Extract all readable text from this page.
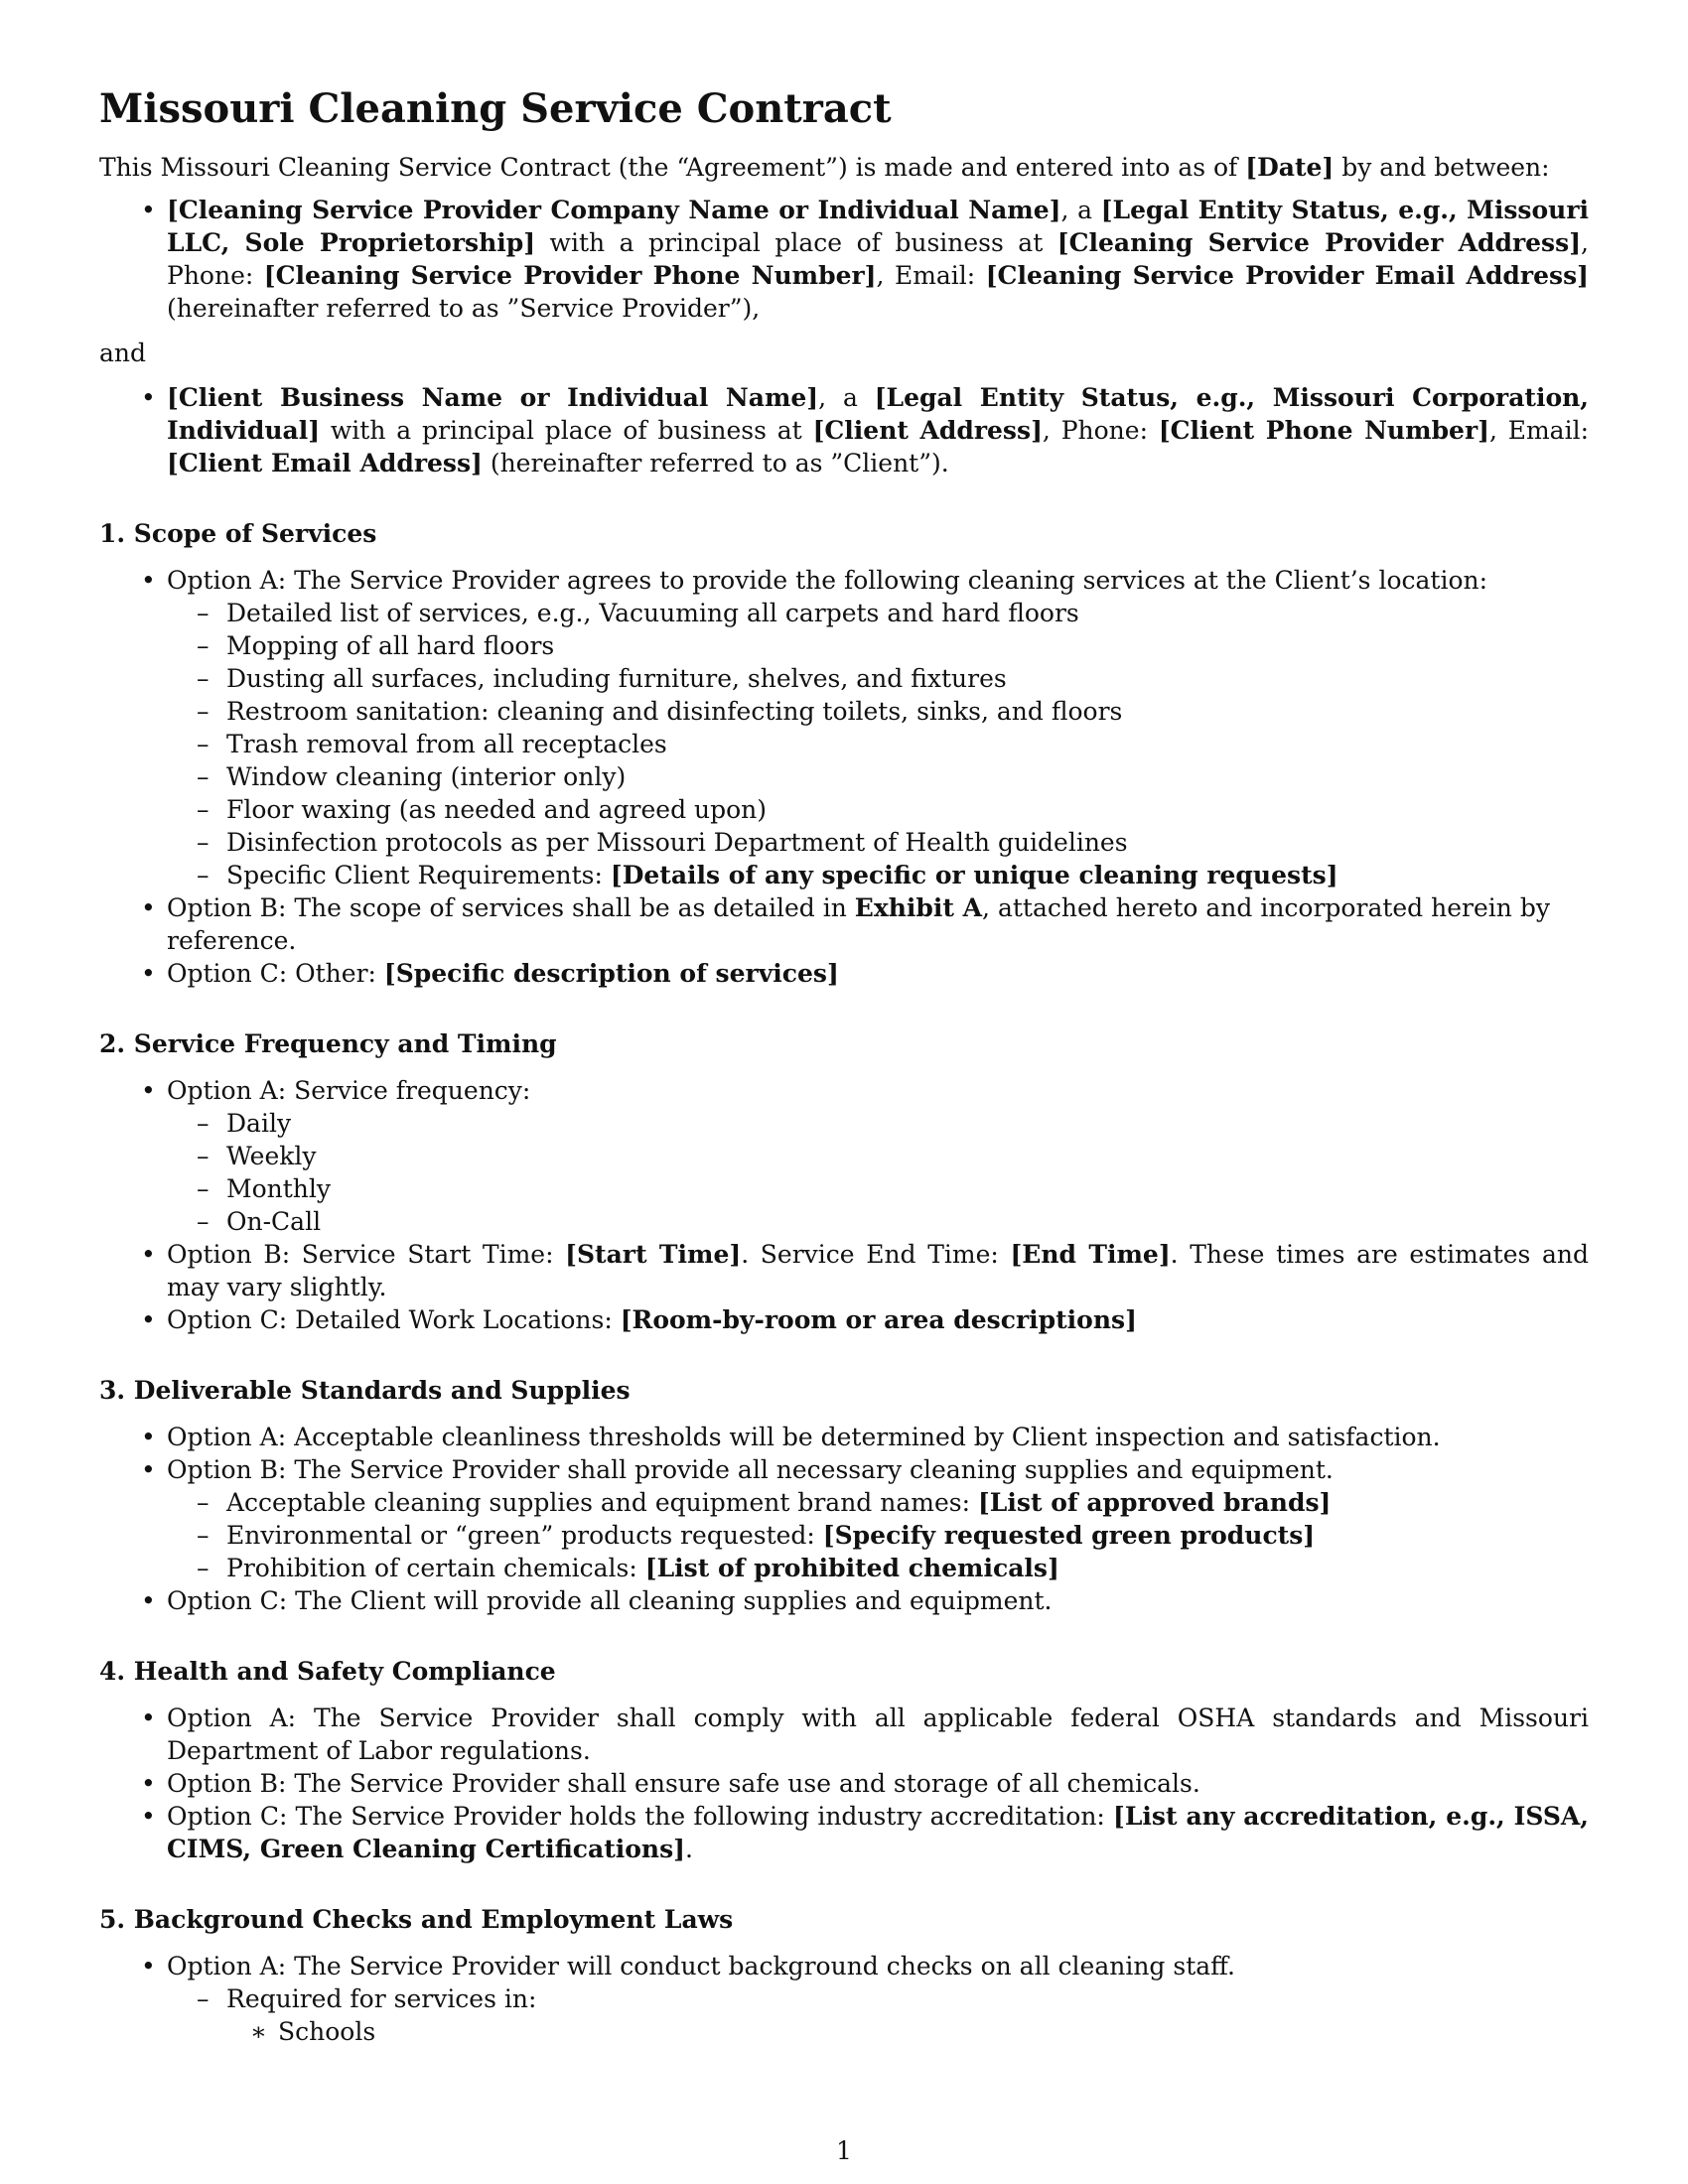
Missouri Cleaning Service Contract

This Missouri Cleaning Service Contract (the “Agreement”) is made and entered into as of [Date] by and between:

• [Cleaning Service Provider Company Name or Individual Name], a [Legal Entity Status, e.g., Missouri LLC, Sole Proprietorship] with a principal place of business at [Cleaning Service Provider Address], Phone: [Cleaning Service Provider Phone Number], Email: [Cleaning Service Provider Email Address] (hereinafter referred to as ”Service Provider”),

and

• [Client Business Name or Individual Name], a [Legal Entity Status, e.g., Missouri Corporation, Individual] with a principal place of business at [Client Address], Phone: [Client Phone Number], Email: [Client Email Address] (hereinafter referred to as ”Client”).
1. Scope of Services
• Option A: The Service Provider agrees to provide the following cleaning services at the Client’s location:
– Detailed list of services, e.g., Vacuuming all carpets and hard floors
– Mopping of all hard floors
– Dusting all surfaces, including furniture, shelves, and fixtures
– Restroom sanitation: cleaning and disinfecting toilets, sinks, and floors
– Trash removal from all receptacles
– Window cleaning (interior only)
– Floor waxing (as needed and agreed upon)
– Disinfection protocols as per Missouri Department of Health guidelines
– Specific Client Requirements: [Details of any specific or unique cleaning requests]
• Option B: The scope of services shall be as detailed in Exhibit A, attached hereto and incorporated herein by reference.
• Option C: Other: [Specific description of services]
2. Service Frequency and Timing
• Option A: Service frequency:
– Daily
– Weekly
– Monthly
– On-Call
• Option B: Service Start Time: [Start Time]. Service End Time: [End Time]. These times are estimates and may vary slightly.
• Option C: Detailed Work Locations: [Room-by-room or area descriptions]
3. Deliverable Standards and Supplies
• Option A: Acceptable cleanliness thresholds will be determined by Client inspection and satisfaction.
• Option B: The Service Provider shall provide all necessary cleaning supplies and equipment.
– Acceptable cleaning supplies and equipment brand names: [List of approved brands]
– Environmental or “green” products requested: [Specify requested green products]
– Prohibition of certain chemicals: [List of prohibited chemicals]
• Option C: The Client will provide all cleaning supplies and equipment.
4. Health and Safety Compliance
• Option A: The Service Provider shall comply with all applicable federal OSHA standards and Missouri Department of Labor regulations.
• Option B: The Service Provider shall ensure safe use and storage of all chemicals.
• Option C: The Service Provider holds the following industry accreditation: [List any accreditation, e.g., ISSA, CIMS, Green Cleaning Certifications].
5. Background Checks and Employment Laws
• Option A: The Service Provider will conduct background checks on all cleaning staff.
– Required for services in:
∗ Schools
1
